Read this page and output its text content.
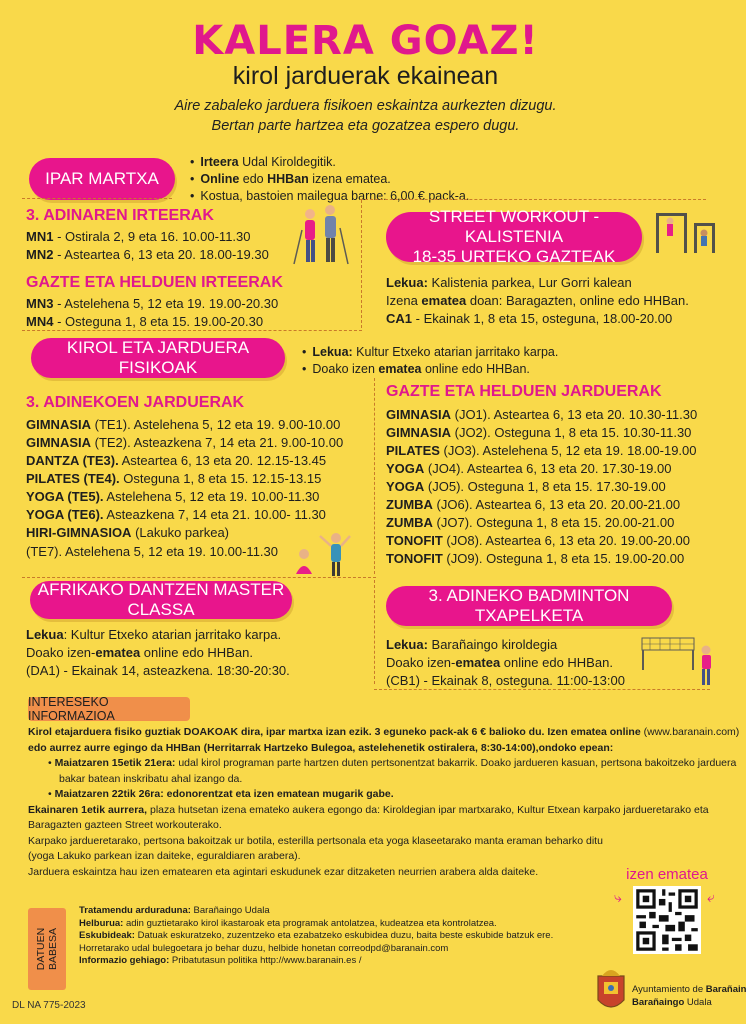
KALERA GOAZ!
kirol jarduerak ekainean
Aire zabaleko jarduera fisikoen eskaintza aurkezten dizugu.
Bertan parte hartzea eta gozatzea espero dugu.
IPAR MARTXA
• Irteera Udal Kiroldegitik.
• Online edo HHBan izena ematea.
• Kostua, bastoien mailegua barne: 6,00 € pack-a.
3. ADINAREN IRTEERAK
MN1 - Ostirala 2, 9 eta 16. 10.00-11.30
MN2 - Asteartea 6, 13 eta 20. 18.00-19.30
GAZTE ETA HELDUEN IRTEERAK
MN3 - Astelehena 5, 12 eta 19. 19.00-20.30
MN4 - Osteguna 1, 8 eta 15. 19.00-20.30
STREET WORKOUT - KALISTENIA
18-35 URTEKO GAZTEAK
Lekua: Kalistenia parkea, Lur Gorri kalean
Izena ematea doan: Baragazten, online edo HHBan.
CA1 - Ekainak 1, 8 eta 15, osteguna, 18.00-20.00
KIROL ETA JARDUERA FISIKOAK
• Lekua: Kultur Etxeko atarian jarritako karpa.
• Doako izen ematea online edo HHBan.
3. ADINEKOEN JARDUERAK
GIMNASIA (TE1). Astelehena 5, 12 eta 19. 9.00-10.00
GIMNASIA (TE2). Asteazkena 7, 14 eta 21. 9.00-10.00
DANTZA (TE3). Asteartea 6, 13 eta 20. 12.15-13.45
PILATES (TE4). Osteguna 1, 8 eta 15. 12.15-13.15
YOGA (TE5). Astelehena 5, 12 eta 19. 10.00-11.30
YOGA (TE6). Asteazkena 7, 14 eta 21. 10.00- 11.30
HIRI-GIMNASIOA (Lakuko parkea)
(TE7). Astelehena 5, 12 eta 19. 10.00-11.30
GAZTE ETA HELDUEN JARDUERAK
GIMNASIA (JO1). Asteartea 6, 13 eta 20. 10.30-11.30
GIMNASIA (JO2). Osteguna 1, 8 eta 15. 10.30-11.30
PILATES (JO3). Astelehena 5, 12 eta 19. 18.00-19.00
YOGA (JO4). Asteartea 6, 13 eta 20. 17.30-19.00
YOGA (JO5). Osteguna 1, 8 eta 15. 17.30-19.00
ZUMBA (JO6). Asteartea 6, 13 eta 20. 20.00-21.00
ZUMBA (JO7). Osteguna 1, 8 eta 15. 20.00-21.00
TONOFIT (JO8). Asteartea 6, 13 eta 20. 19.00-20.00
TONOFIT (JO9). Osteguna 1, 8 eta 15. 19.00-20.00
AFRIKAKO DANTZEN MASTER CLASSA
Lekua: Kultur Etxeko atarian jarritako karpa.
Doako izen-ematea online edo HHBan.
(DA1) - Ekainak 14, asteazkena. 18:30-20:30.
3. ADINEKO BADMINTON TXAPELKETA
Lekua: Barañaingo kiroldegia
Doako izen-ematea online edo HHBan.
(CB1) - Ekainak 8, osteguna. 11:00-13:00
INTERESEKO INFORMAZIOA
Kirol etajarduera fisiko guztiak DOAKOAK dira, ipar martxa izan ezik. 3 eguneko pack-ak 6 € balioko du. Izen ematea online (www.baranain.com)
edo aurrez aurre egingo da HHBan (Herritarrak Hartzeko Bulegoa, astelehenetik ostiralera, 8:30-14:00),ondoko epean:
• Maiatzaren 15etik 21era: udal kirol programan parte hartzen duten pertsonentzat bakarrik. Doako jardueren kasuan, pertsona bakoitzeko jarduera
bakar batean inskribatu ahal izango da.
• Maiatzaren 22tik 26ra: edonorentzat eta izen ematean mugarik gabe.
Ekainaren 1etik aurrera, plaza hutsetan izena emateko aukera egongo da: Kiroldegian ipar martxarako, Kultur Etxean karpako jardueretarako eta
Baragazten gazteen Street workouterako.
Karpako jardueretarako, pertsona bakoitzak ur botila, esterilla pertsonala eta yoga klaseetarako manta eraman beharko ditu
(yoga Lakuko parkean izan daiteke, eguraldiaren arabera).
Jarduera eskaintza hau izen ematearen eta agintari eskudunek ezar ditzaketen neurrien arabera alda daiteke.	izen ematea
⤷	⤶
DATUEN BABESA
Tratamendu arduraduna: Barañaingo Udala
Helburua: adin guztietarako kirol ikastaroak eta programak antolatzea, kudeatzea eta kontrolatzea.
Eskubideak: Datuak eskuratzeko, zuzentzeko eta ezabatzeko eskubidea duzu, baita beste eskubide batzuk ere.
Horretarako udal bulegoetara jo behar duzu, helbide honetan correodpd@baranain.com
Informazio gehiago: Pribatutasun politika http://www.baranain.es /
DL NA 775-2023
Ayuntamiento de Barañain
Barañaingo Udala
